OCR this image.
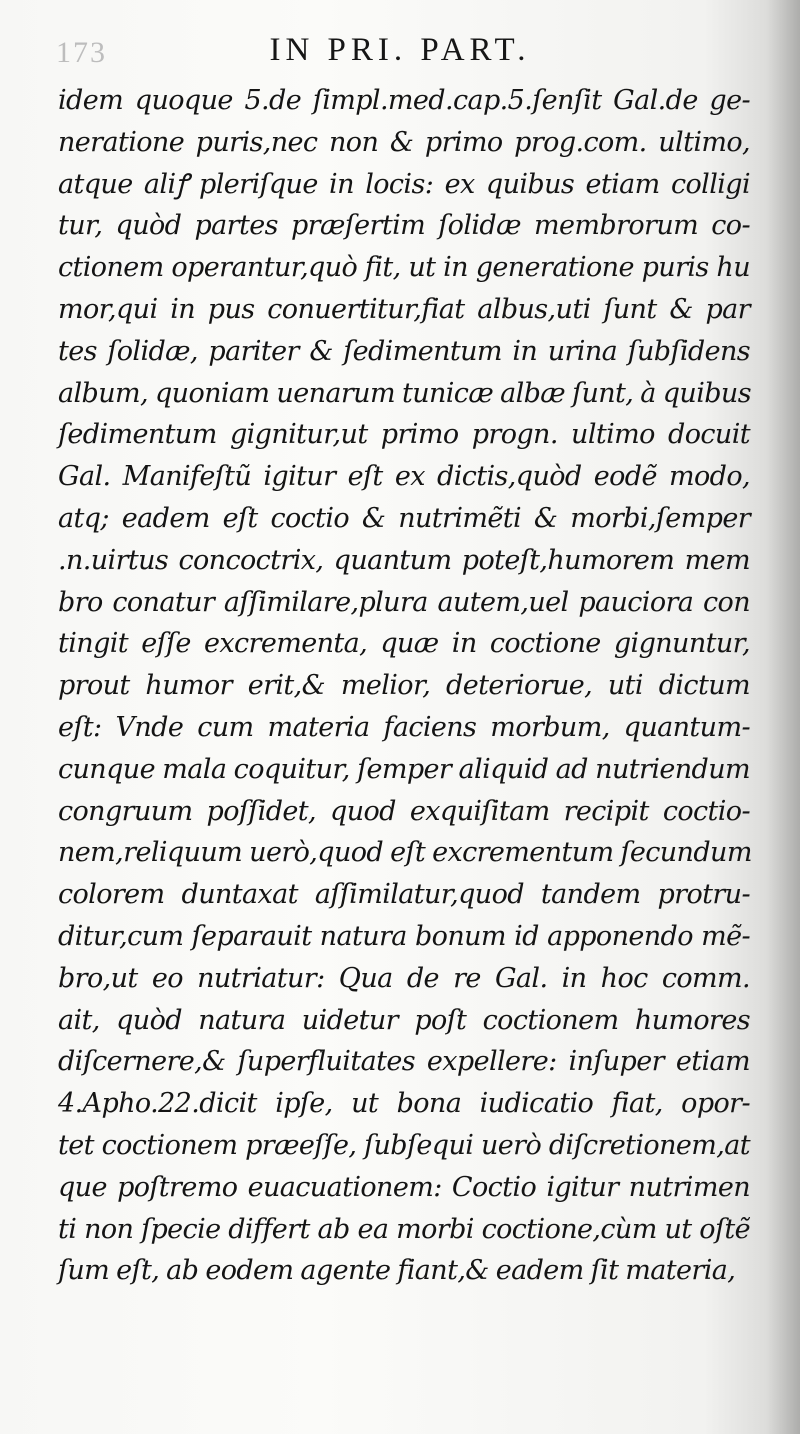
173	IN PRI. PART.
idem quoque 5.de ſimpl.med.cap.5.ſenſit Gal.de ge-
neratione puris,nec non & primo prog.com. ultimo,
atque aliꝭ pleriſque in locis: ex quibus etiam colligi
tur, quòd partes præſertim ſolidæ membrorum co-
ctionem operantur,quò fit, ut in generatione puris hu
mor,qui in pus conuertitur,fiat albus,uti ſunt & par
tes ſolidæ, pariter & ſedimentum in urina ſubſidens
album, quoniam uenarum tunicæ albæ ſunt, à quibus
ſedimentum gignitur,ut primo progn. ultimo docuit
Gal. Manifeſtũ igitur eſt ex dictis,quòd eodẽ modo,
atq; eadem eſt coctio & nutrimẽti & morbi,ſemper
.n.uirtus concoctrix, quantum poteſt,humorem mem
bro conatur aſſimilare,plura autem,uel pauciora con
tingit eſſe excrementa, quæ in coctione gignuntur,
prout humor erit,& melior, deteriorue, uti dictum
eſt: Vnde cum materia faciens morbum, quantum-
cunque mala coquitur, ſemper aliquid ad nutriendum
congruum poſſidet, quod exquiſitam recipit coctio-
nem,reliquum uerò,quod eſt excrementum ſecundum
colorem duntaxat aſſimilatur,quod tandem protru-
ditur,cum ſeparauit natura bonum id apponendo mẽ-
bro,ut eo nutriatur: Qua de re Gal. in hoc comm.
ait, quòd natura uidetur poſt coctionem humores
diſcernere,& ſuperfluitates expellere: inſuper etiam
4.Apho.22.dicit ipſe, ut bona iudicatio fiat, opor-
tet coctionem præeſſe, ſubſequi uerò diſcretionem,at
que poſtremo euacuationem: Coctio igitur nutrimen
ti non ſpecie differt ab ea morbi coctione,cùm ut oſtẽ
ſum eſt, ab eodem agente fiant,& eadem ſit materia,
